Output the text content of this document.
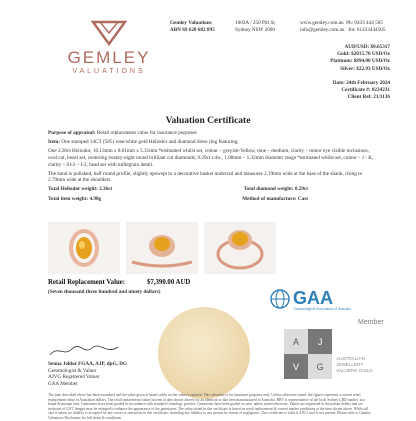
GEMLEY
VALUATIONS
Gemley Valuations
ABN 69 620 682 895
1003A / 250 Pitt St
Sydney NSW 2000
www.gemley.com.au Ph: 0433 444 505
info@gemley.com.au Int: 61433444505
AUD/USD: $0.65317
Gold: $2015.70 USD/Oz
Platinum: $894.00 USD/Oz
Silver: $22.93 USD/Oz

Date: 24th February 2024
Certificate #: 0224231
Client Ref: 21/1136
Valuation Certificate

Purpose of appraisal: Retail replacement value for insurance purposes

Item: One stamped 14CT (585) rose/white gold Heliodor and diamond dress ring featuring;

One 2.36ct Heliodor, 10.13mm x 8.01mm x 5.31mm *estimated whilst set, colour – greyish-Yellow, tone – medium, clarity – minor eye visible inclusions, oval cut, bezel set, centering twenty-eight round brilliant cut diamonds; 0.29ct t.dw., 1.08mm – 1.32mm diameter range *estimated whilst set, colour – J - K, clarity – SI-2 – I-2, bead set with millegrain detail.

The band is polished, half round profile, slightly upswept to a decorative basket underrail and measures 2.19mm wide at the base of the shank, rising to 2.79mm wide at the shoulders.

Total Heliodor weight: 2.36ct	Total diamond weight: 0.29ct
Total item weight: 4.98g	Method of manufacture: Cast
Retail Replacement Value:	$7,390.00 AUD
(Seven thousand three hundred and ninety dollars)

Senna Jeldor FGAA, AJP, dpG, DG
Gemmologist & Valuer
AJVG Registered Valuer
GAA Member
GAA
Gemmological Association of Australia
Member
A	J
V	G
AUSTRALIAN JEWELLERY
VALUERS GUILD
The item described above has been examined and the value given is based solely on the valuer's opinion. This valuation is for insurance purposes only. Unless otherwise stated, the figures represent a current retail replacement value in Australian dollars. The retail replacement value (current at date shown above) for an identical or like item manufactured in Australia. RRV is representative of the local Sydney CBD market, in a brand & marque area. Gemstones have been graded in accordance with standard Gemology practice. Gemstones have been graded as seen, unless stated otherwise. Values are expressed in Australian dollars and are inclusive of GST. Images may be enlarged to enhance the appearance of the gemstones. The value stated in this certificate is based on retail replacement & current market conditions at the time shown above. Whilst all care is taken, no liability is accepted for any errors or omissions in this certificate, including any liability to any person by reason of negligence. This certificate is valid if AJVG seal is not present. Please refer to Gemley Valuations Disclaimer for full terms & conditions.
